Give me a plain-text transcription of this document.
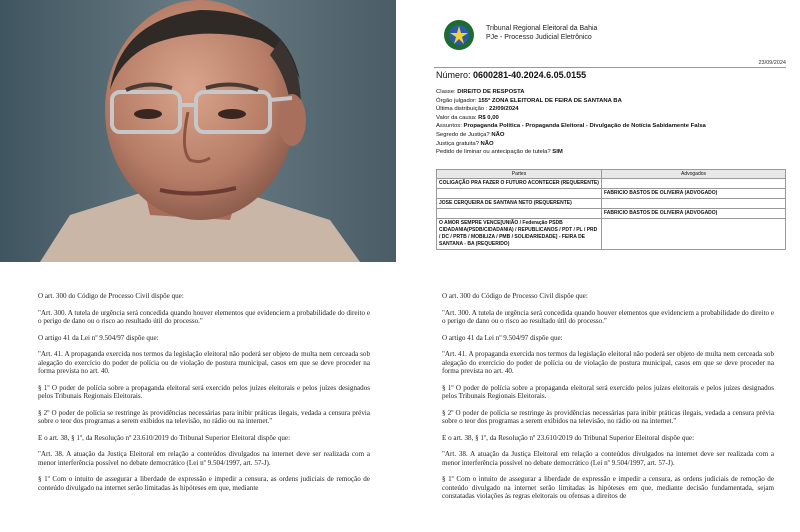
Tribunal Regional Eleitoral da Bahia
PJe - Processo Judicial Eletrônico
23/09/2024
Número: 0600281-40.2024.6.05.0155
Classe: DIREITO DE RESPOSTA
Órgão julgador: 155ª ZONA ELEITORAL DE FEIRA DE SANTANA BA
Última distribuição : 22/09/2024
Valor da causa: R$ 0,00
Assuntos: Propaganda Política - Propaganda Eleitoral - Divulgação de Notícia Sabidamente Falsa
Segredo de Justiça? NÃO
Justiça gratuita? NÃO
Pedido de liminar ou antecipação de tutela? SIM
Partes	Advogados
COLIGAÇÃO PRA FAZER O FUTURO ACONTECER (REQUERENTE)	
	FABRICIO BASTOS DE OLIVEIRA (ADVOGADO)
JOSE CERQUEIRA DE SANTANA NETO (REQUERENTE)	
	FABRICIO BASTOS DE OLIVEIRA (ADVOGADO)
O AMOR SEMPRE VENCE[UNIÃO / Federação PSDB CIDADANIA(PSDB/CIDADANIA) / REPUBLICANOS / PDT / PL / PRD / DC / PRTB / MOBILIZA / PMB / SOLIDARIEDADE] - FEIRA DE SANTANA - BA (REQUERIDO)	

O art. 300 do Código de Processo Civil dispõe que:

"Art. 300. A tutela de urgência será concedida quando houver elementos que evidenciem a probabilidade do direito e o perigo de dano ou o risco ao resultado útil do processo."

O artigo 41 da Lei nº 9.504/97 dispõe que:

"Art. 41. A propaganda exercida nos termos da legislação eleitoral não poderá ser objeto de multa nem cerceada sob alegação do exercício do poder de polícia ou de violação de postura municipal, casos em que se deve proceder na forma prevista no art. 40.

§ 1º O poder de polícia sobre a propaganda eleitoral será exercido pelos juízes eleitorais e pelos juízes designados pelos Tribunais Regionais Eleitorais.

§ 2º O poder de polícia se restringe às providências necessárias para inibir práticas ilegais, vedada a censura prévia sobre o teor dos programas a serem exibidos na televisão, no rádio ou na internet."

E o art. 38, § 1º, da Resolução nº 23.610/2019 do Tribunal Superior Eleitoral dispõe que:

"Art. 38. A atuação da Justiça Eleitoral em relação a conteúdos divulgados na internet deve ser realizada com a menor interferência possível no debate democrático (Lei nº 9.504/1997, art. 57-J).

§ 1º Com o intuito de assegurar a liberdade de expressão e impedir a censura, as ordens judiciais de remoção de conteúdo divulgado na internet serão limitadas às hipóteses em que, mediante

O art. 300 do Código de Processo Civil dispõe que:

"Art. 300. A tutela de urgência será concedida quando houver elementos que evidenciem a probabilidade do direito e o perigo de dano ou o risco ao resultado útil do processo."

O artigo 41 da Lei nº 9.504/97 dispõe que:

"Art. 41. A propaganda exercida nos termos da legislação eleitoral não poderá ser objeto de multa nem cerceada sob alegação do exercício do poder de polícia ou de violação de postura municipal, casos em que se deve proceder na forma prevista no art. 40.

§ 1º O poder de polícia sobre a propaganda eleitoral será exercido pelos juízes eleitorais e pelos juízes designados pelos Tribunais Regionais Eleitorais.

§ 2º O poder de polícia se restringe às providências necessárias para inibir práticas ilegais, vedada a censura prévia sobre o teor dos programas a serem exibidos na televisão, no rádio ou na internet."

E o art. 38, § 1º, da Resolução nº 23.610/2019 do Tribunal Superior Eleitoral dispõe que:

"Art. 38. A atuação da Justiça Eleitoral em relação a conteúdos divulgados na internet deve ser realizada com a menor interferência possível no debate democrático (Lei nº 9.504/1997, art. 57-J).

§ 1º Com o intuito de assegurar a liberdade de expressão e impedir a censura, as ordens judiciais de remoção de conteúdo divulgado na internet serão limitadas às hipóteses em que, mediante decisão fundamentada, sejam constatadas violações às regras eleitorais ou ofensas a direitos de
